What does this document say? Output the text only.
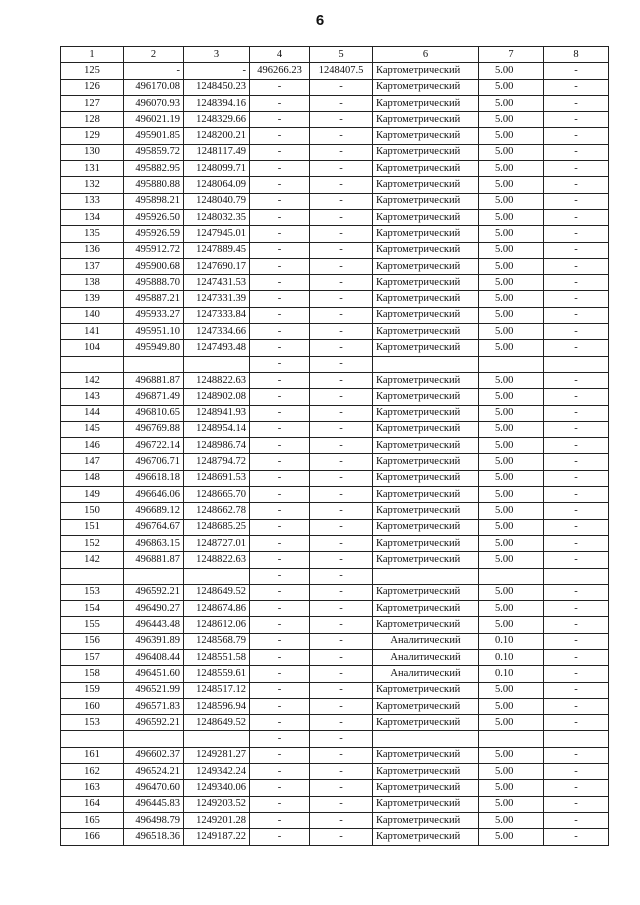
6
1	2	3	4	5	6	7	8
125	-	-	496266.23	1248407.5	Картометрический	5.00	-
126	496170.08	1248450.23	-	-	Картометрический	5.00	-
127	496070.93	1248394.16	-	-	Картометрический	5.00	-
128	496021.19	1248329.66	-	-	Картометрический	5.00	-
129	495901.85	1248200.21	-	-	Картометрический	5.00	-
130	495859.72	1248117.49	-	-	Картометрический	5.00	-
131	495882.95	1248099.71	-	-	Картометрический	5.00	-
132	495880.88	1248064.09	-	-	Картометрический	5.00	-
133	495898.21	1248040.79	-	-	Картометрический	5.00	-
134	495926.50	1248032.35	-	-	Картометрический	5.00	-
135	495926.59	1247945.01	-	-	Картометрический	5.00	-
136	495912.72	1247889.45	-	-	Картометрический	5.00	-
137	495900.68	1247690.17	-	-	Картометрический	5.00	-
138	495888.70	1247431.53	-	-	Картометрический	5.00	-
139	495887.21	1247331.39	-	-	Картометрический	5.00	-
140	495933.27	1247333.84	-	-	Картометрический	5.00	-
141	495951.10	1247334.66	-	-	Картометрический	5.00	-
104	495949.80	1247493.48	-	-	Картометрический	5.00	-
			-	-			
142	496881.87	1248822.63	-	-	Картометрический	5.00	-
143	496871.49	1248902.08	-	-	Картометрический	5.00	-
144	496810.65	1248941.93	-	-	Картометрический	5.00	-
145	496769.88	1248954.14	-	-	Картометрический	5.00	-
146	496722.14	1248986.74	-	-	Картометрический	5.00	-
147	496706.71	1248794.72	-	-	Картометрический	5.00	-
148	496618.18	1248691.53	-	-	Картометрический	5.00	-
149	496646.06	1248665.70	-	-	Картометрический	5.00	-
150	496689.12	1248662.78	-	-	Картометрический	5.00	-
151	496764.67	1248685.25	-	-	Картометрический	5.00	-
152	496863.15	1248727.01	-	-	Картометрический	5.00	-
142	496881.87	1248822.63	-	-	Картометрический	5.00	-
			-	-			
153	496592.21	1248649.52	-	-	Картометрический	5.00	-
154	496490.27	1248674.86	-	-	Картометрический	5.00	-
155	496443.48	1248612.06	-	-	Картометрический	5.00	-
156	496391.89	1248568.79	-	-	Аналитический	0.10	-
157	496408.44	1248551.58	-	-	Аналитический	0.10	-
158	496451.60	1248559.61	-	-	Аналитический	0.10	-
159	496521.99	1248517.12	-	-	Картометрический	5.00	-
160	496571.83	1248596.94	-	-	Картометрический	5.00	-
153	496592.21	1248649.52	-	-	Картометрический	5.00	-
			-	-			
161	496602.37	1249281.27	-	-	Картометрический	5.00	-
162	496524.21	1249342.24	-	-	Картометрический	5.00	-
163	496470.60	1249340.06	-	-	Картометрический	5.00	-
164	496445.83	1249203.52	-	-	Картометрический	5.00	-
165	496498.79	1249201.28	-	-	Картометрический	5.00	-
166	496518.36	1249187.22	-	-	Картометрический	5.00	-
